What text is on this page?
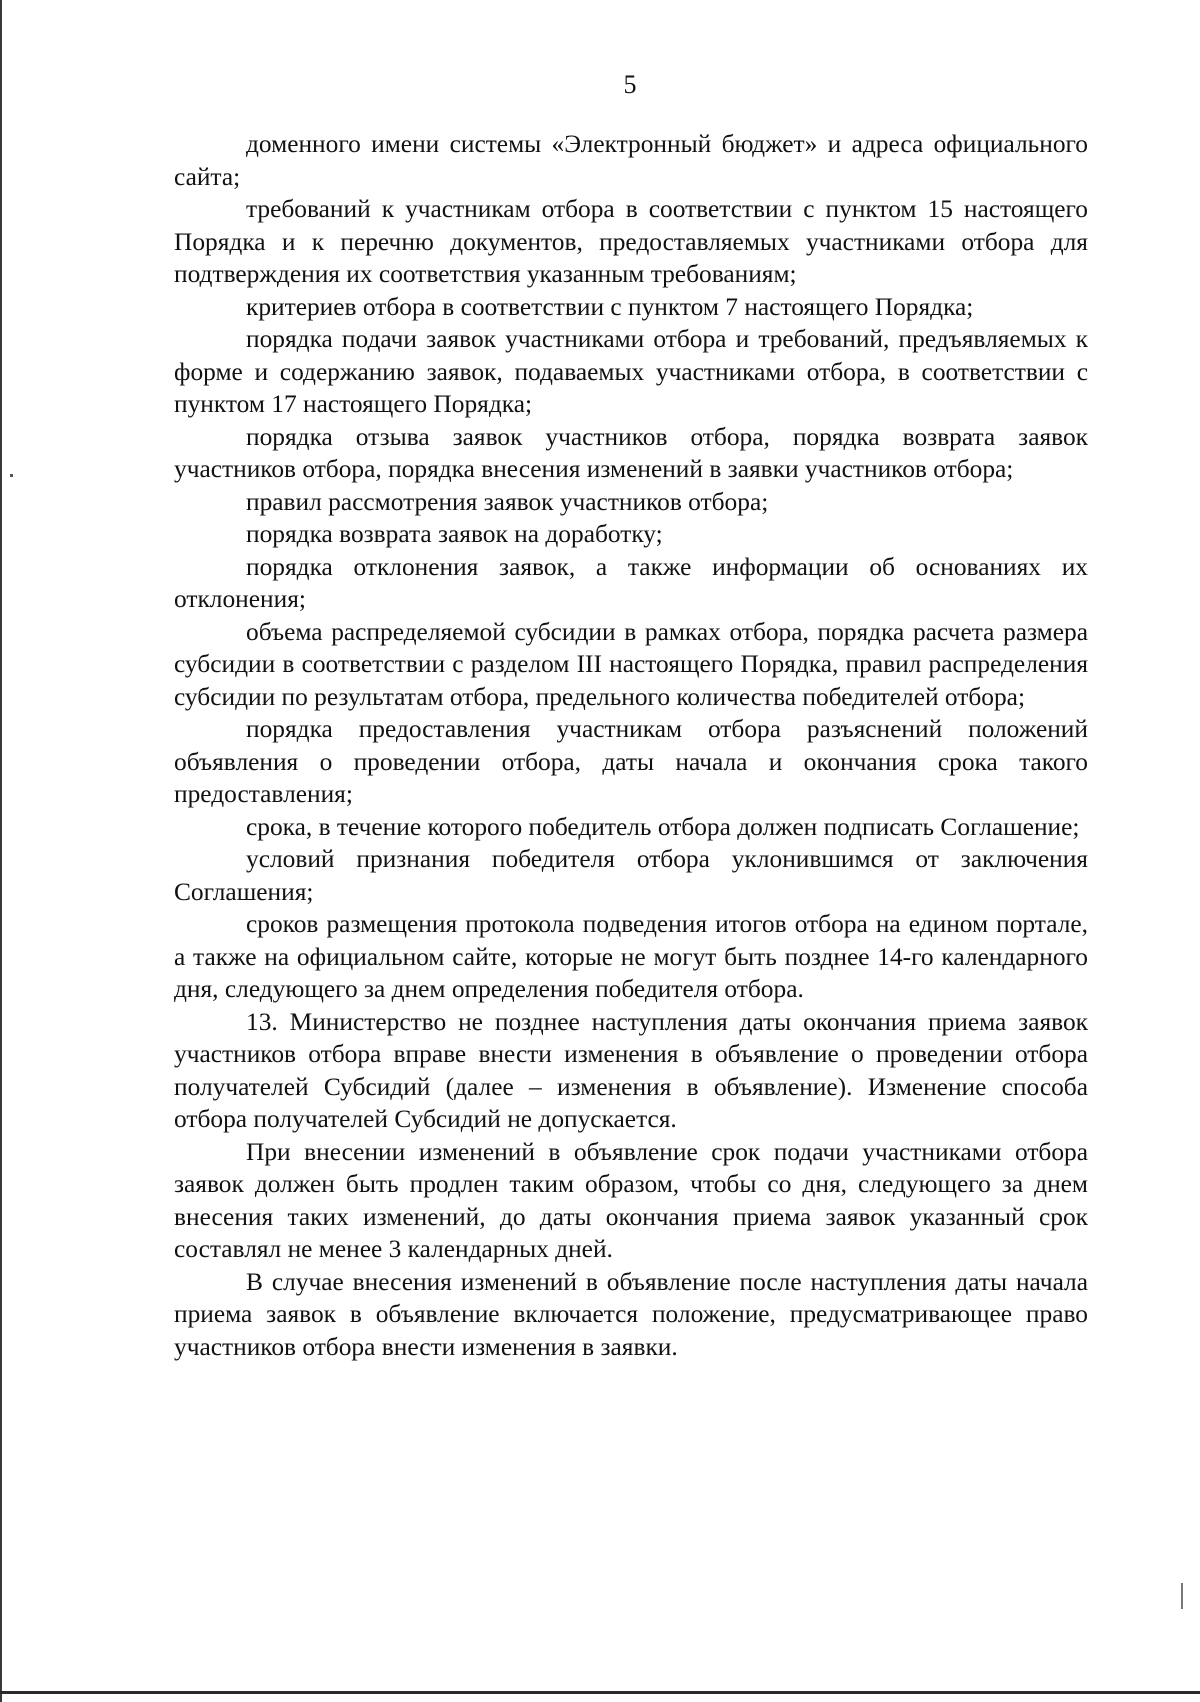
5

доменного имени системы «Электронный бюджет» и адреса официального сайта;

требований к участникам отбора в соответствии с пунктом 15 настоящего Порядка и к перечню документов, предоставляемых участниками отбора для подтверждения их соответствия указанным требованиям;

критериев отбора в соответствии с пунктом 7 настоящего Порядка;

порядка подачи заявок участниками отбора и требований, предъявляемых к форме и содержанию заявок, подаваемых участниками отбора, в соответствии с пунктом 17 настоящего Порядка;

порядка отзыва заявок участников отбора, порядка возврата заявок участников отбора, порядка внесения изменений в заявки участников отбора;

правил рассмотрения заявок участников отбора;

порядка возврата заявок на доработку;

порядка отклонения заявок, а также информации об основаниях их отклонения;

объема распределяемой субсидии в рамках отбора, порядка расчета размера субсидии в соответствии с разделом III настоящего Порядка, правил распределения субсидии по результатам отбора, предельного количества победителей отбора;

порядка предоставления участникам отбора разъяснений положений объявления о проведении отбора, даты начала и окончания срока такого предоставления;

срока, в течение которого победитель отбора должен подписать Соглашение;

условий признания победителя отбора уклонившимся от заключения Соглашения;

сроков размещения протокола подведения итогов отбора на едином портале, а также на официальном сайте, которые не могут быть позднее 14-го календарного дня, следующего за днем определения победителя отбора.

13. Министерство не позднее наступления даты окончания приема заявок участников отбора вправе внести изменения в объявление о проведении отбора получателей Субсидий (далее – изменения в объявление). Изменение способа отбора получателей Субсидий не допускается.

При внесении изменений в объявление срок подачи участниками отбора заявок должен быть продлен таким образом, чтобы со дня, следующего за днем внесения таких изменений, до даты окончания приема заявок указанный срок составлял не менее 3 календарных дней.

В случае внесения изменений в объявление после наступления даты начала приема заявок в объявление включается положение, предусматривающее право участников отбора внести изменения в заявки.
